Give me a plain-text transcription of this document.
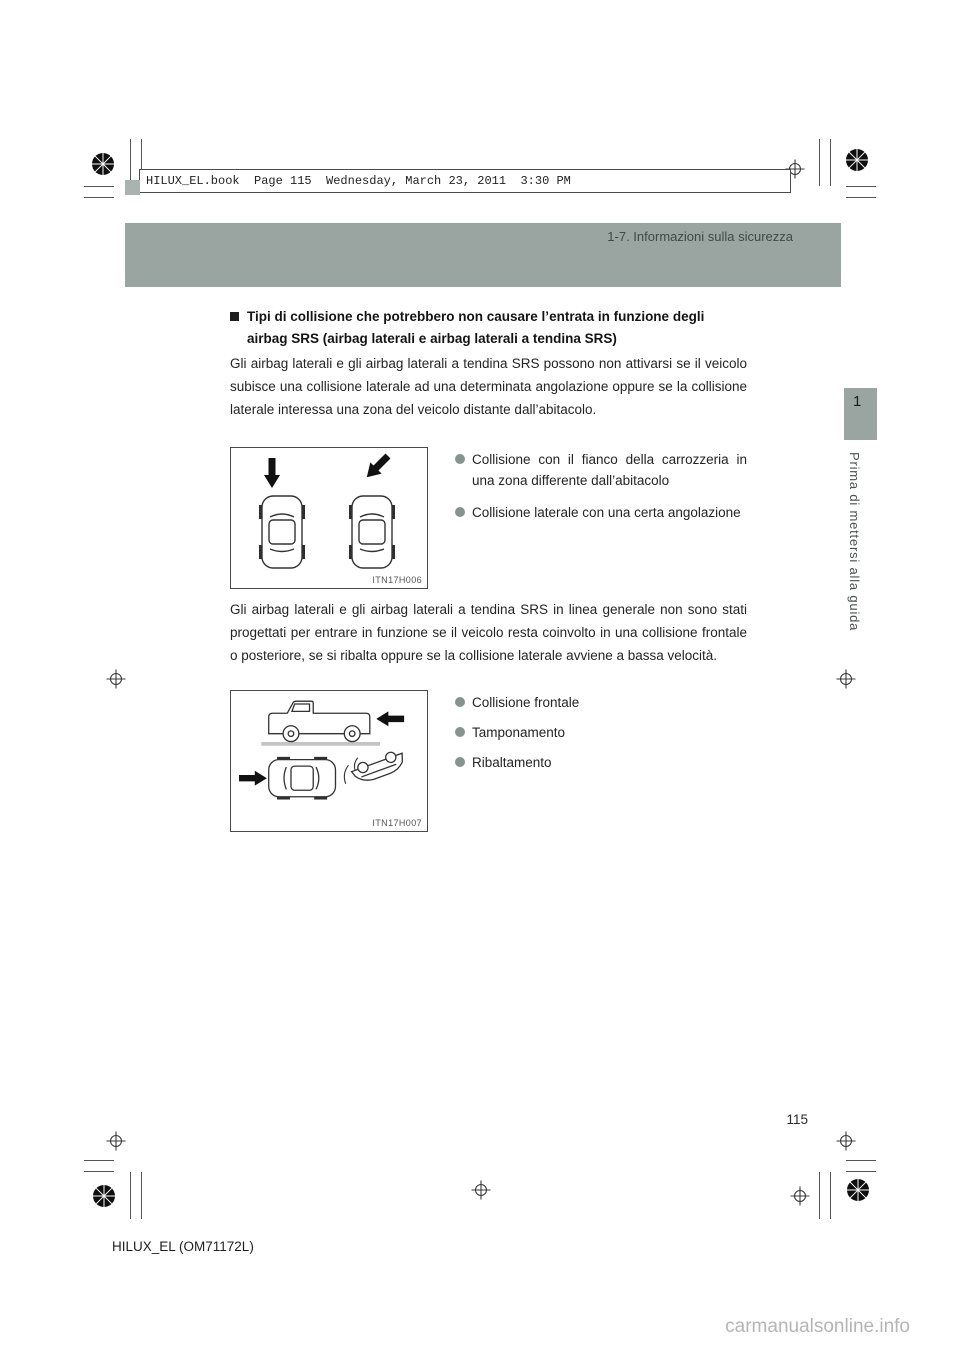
HILUX_EL.book  Page 115  Wednesday, March 23, 2011  3:30 PM
1-7. Informazioni sulla sicurezza
1
Prima di mettersi alla guida
Tipi di collisione che potrebbero non causare l’entrata in funzione degli airbag SRS (airbag laterali e airbag laterali a tendina SRS)
Gli airbag laterali e gli airbag laterali a tendina SRS possono non attivarsi se il veicolo subisce una collisione laterale ad una determinata angolazione oppure se la collisione laterale interessa una zona del veicolo distante dall’abitacolo.
ITN17H006
Collisione con il fianco della carrozzeria in una zona differente dall’abitacolo
Collisione laterale con una certa angolazione
Gli airbag laterali e gli airbag laterali a tendina SRS in linea generale non sono stati progettati per entrare in funzione se il veicolo resta coinvolto in una collisione frontale o posteriore, se si ribalta oppure se la collisione laterale avviene a bassa velocità.
ITN17H007
Collisione frontale
Tamponamento
Ribaltamento
115
HILUX_EL (OM71172L)
carmanualsonline.info
